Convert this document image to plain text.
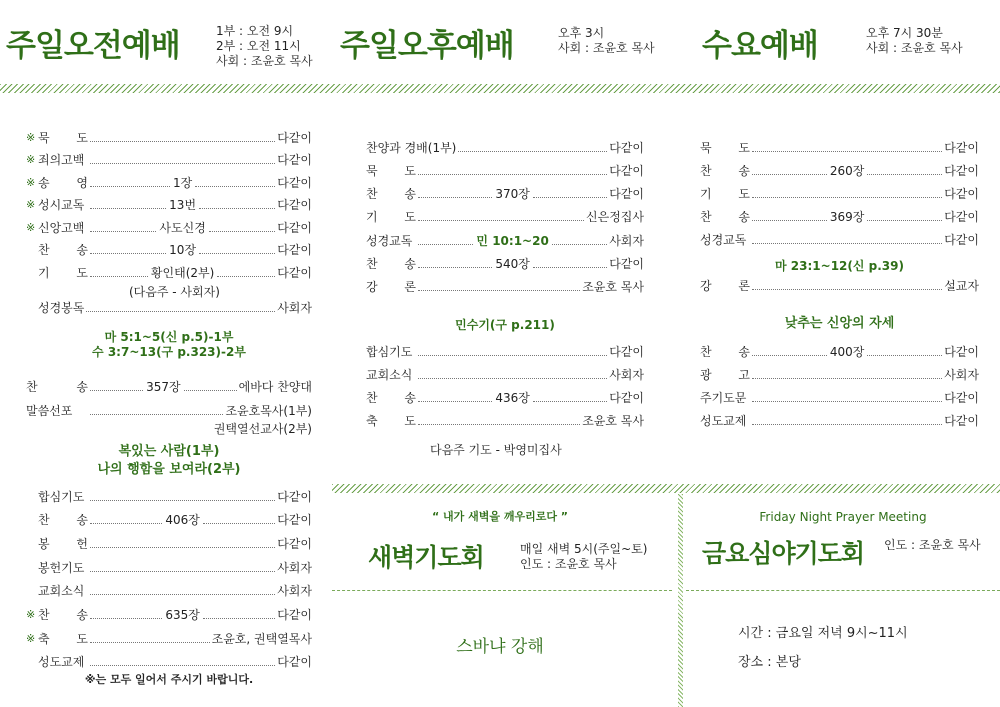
주일오전예배	1부 : 오전 9시
2부 : 오전 11시
사회 : 조윤호 목사 주일오후예배	오후 3시
사회 : 조윤호 목사 수요예배	오후 7시 30분
사회 : 조윤호 목사
※ 묵 도	다같이
※ 죄의고백	다같이
※ 송 영	1장	다같이
※ 성시교독	13번	다같이
※ 신앙고백	사도신경	다같이
찬 송	10장	다같이
기 도	황인태(2부)	다같이
(다음주 - 사회자)
성경봉독	사회자
마 5:1~5(신 p.5)-1부
수 3:7~13(구 p.323)-2부
찬	송	357장	에바다 찬양대
말씀선포	조윤호목사(1부)
권택열선교사(2부)
복있는 사람(1부)
나의 행함을 보여라(2부)
합심기도	다같이
찬 송	406장	다같이
봉 헌	다같이
봉헌기도	사회자
교회소식	사회자
※ 찬 송	635장	다같이
※ 축 도	조윤호, 권택열목사
성도교제	다같이
※는 모두 일어서 주시기 바랍니다.
찬양과 경배(1부)	다같이
묵 도	다같이
찬 송	370장	다같이
기 도	신은정집사
성경교독	민 10:1~20	사회자
찬 송	540장	다같이
강 론	조윤호 목사
민수기(구 p.211)
합심기도	다같이
교회소식	사회자
찬 송	436장	다같이
축 도	조윤호 목사
다음주 기도 - 박영미집사
묵 도	다같이
찬 송	260장	다같이
기 도	다같이
찬 송	369장	다같이
성경교독	다같이
마 23:1~12(신 p.39)
강 론	설교자
낮추는 신앙의 자세
찬 송	400장	다같이
광 고	사회자
주기도문	다같이
성도교제	다같이
“ 내가 새벽을 깨우리로다 ”
새벽기도회	매일 새벽 5시(주일~토)
인도 : 조윤호 목사
스바냐 강해
Friday Night Prayer Meeting
금요심야기도회 인도 : 조윤호 목사
시간 : 금요일 저녁 9시~11시
장소 : 본당
